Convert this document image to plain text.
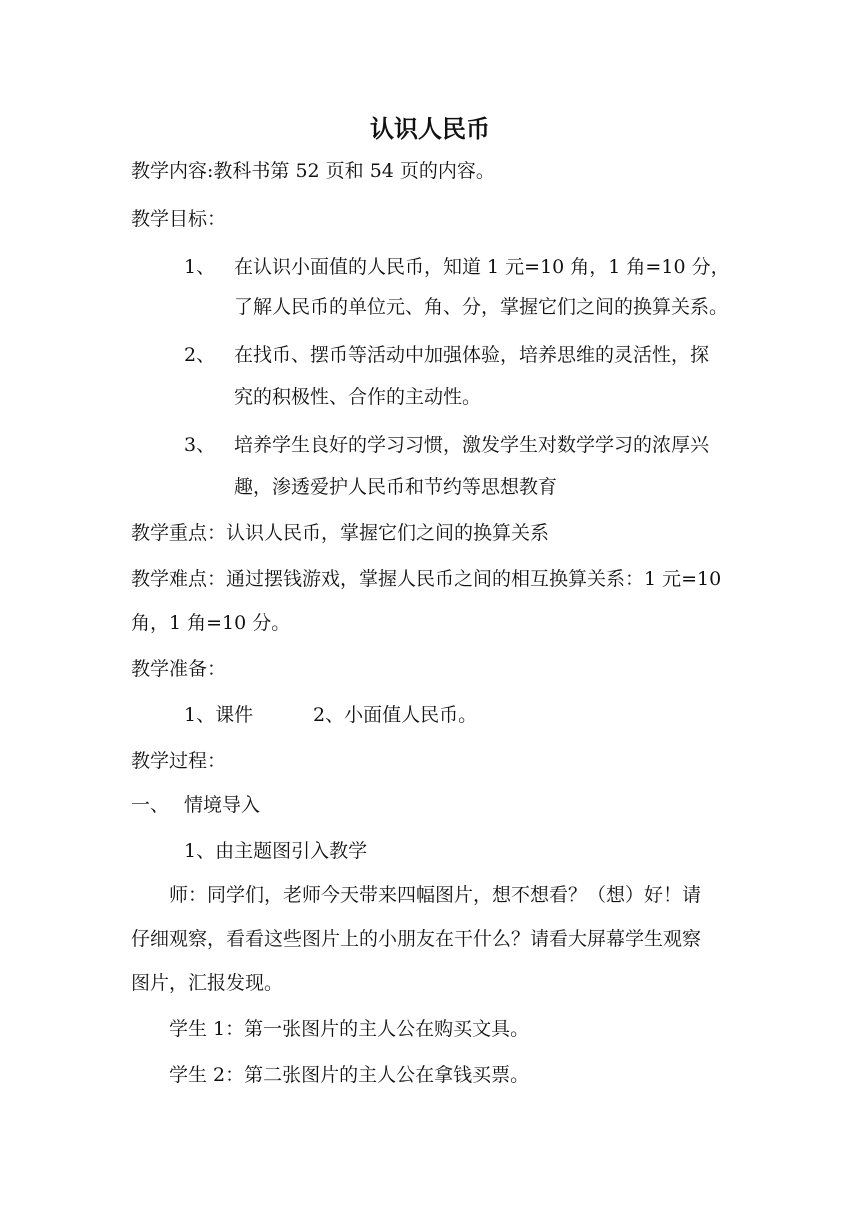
认识人民币

教学内容:教科书第 52 页和 54 页的内容。

教学目标：

1、 在认识小面值的人民币，知道 1 元=10 角，1 角=10 分，

了解人民币的单位元、角、分，掌握它们之间的换算关系。

2、 在找币、摆币等活动中加强体验，培养思维的灵活性，探

究的积极性、合作的主动性。

3、 培养学生良好的学习习惯，激发学生对数学学习的浓厚兴

趣，渗透爱护人民币和节约等思想教育

教学重点：认识人民币，掌握它们之间的换算关系

教学难点：通过摆钱游戏，掌握人民币之间的相互换算关系：1 元=10

角，1 角=10 分。

教学准备：

1、课件	2、小面值人民币。

教学过程：

一、 情境导入

1、由主题图引入教学

师：同学们，老师今天带来四幅图片，想不想看？（想）好！请

仔细观察，看看这些图片上的小朋友在干什么？请看大屏幕学生观察

图片，汇报发现。

学生 1：第一张图片的主人公在购买文具。

学生 2：第二张图片的主人公在拿钱买票。
